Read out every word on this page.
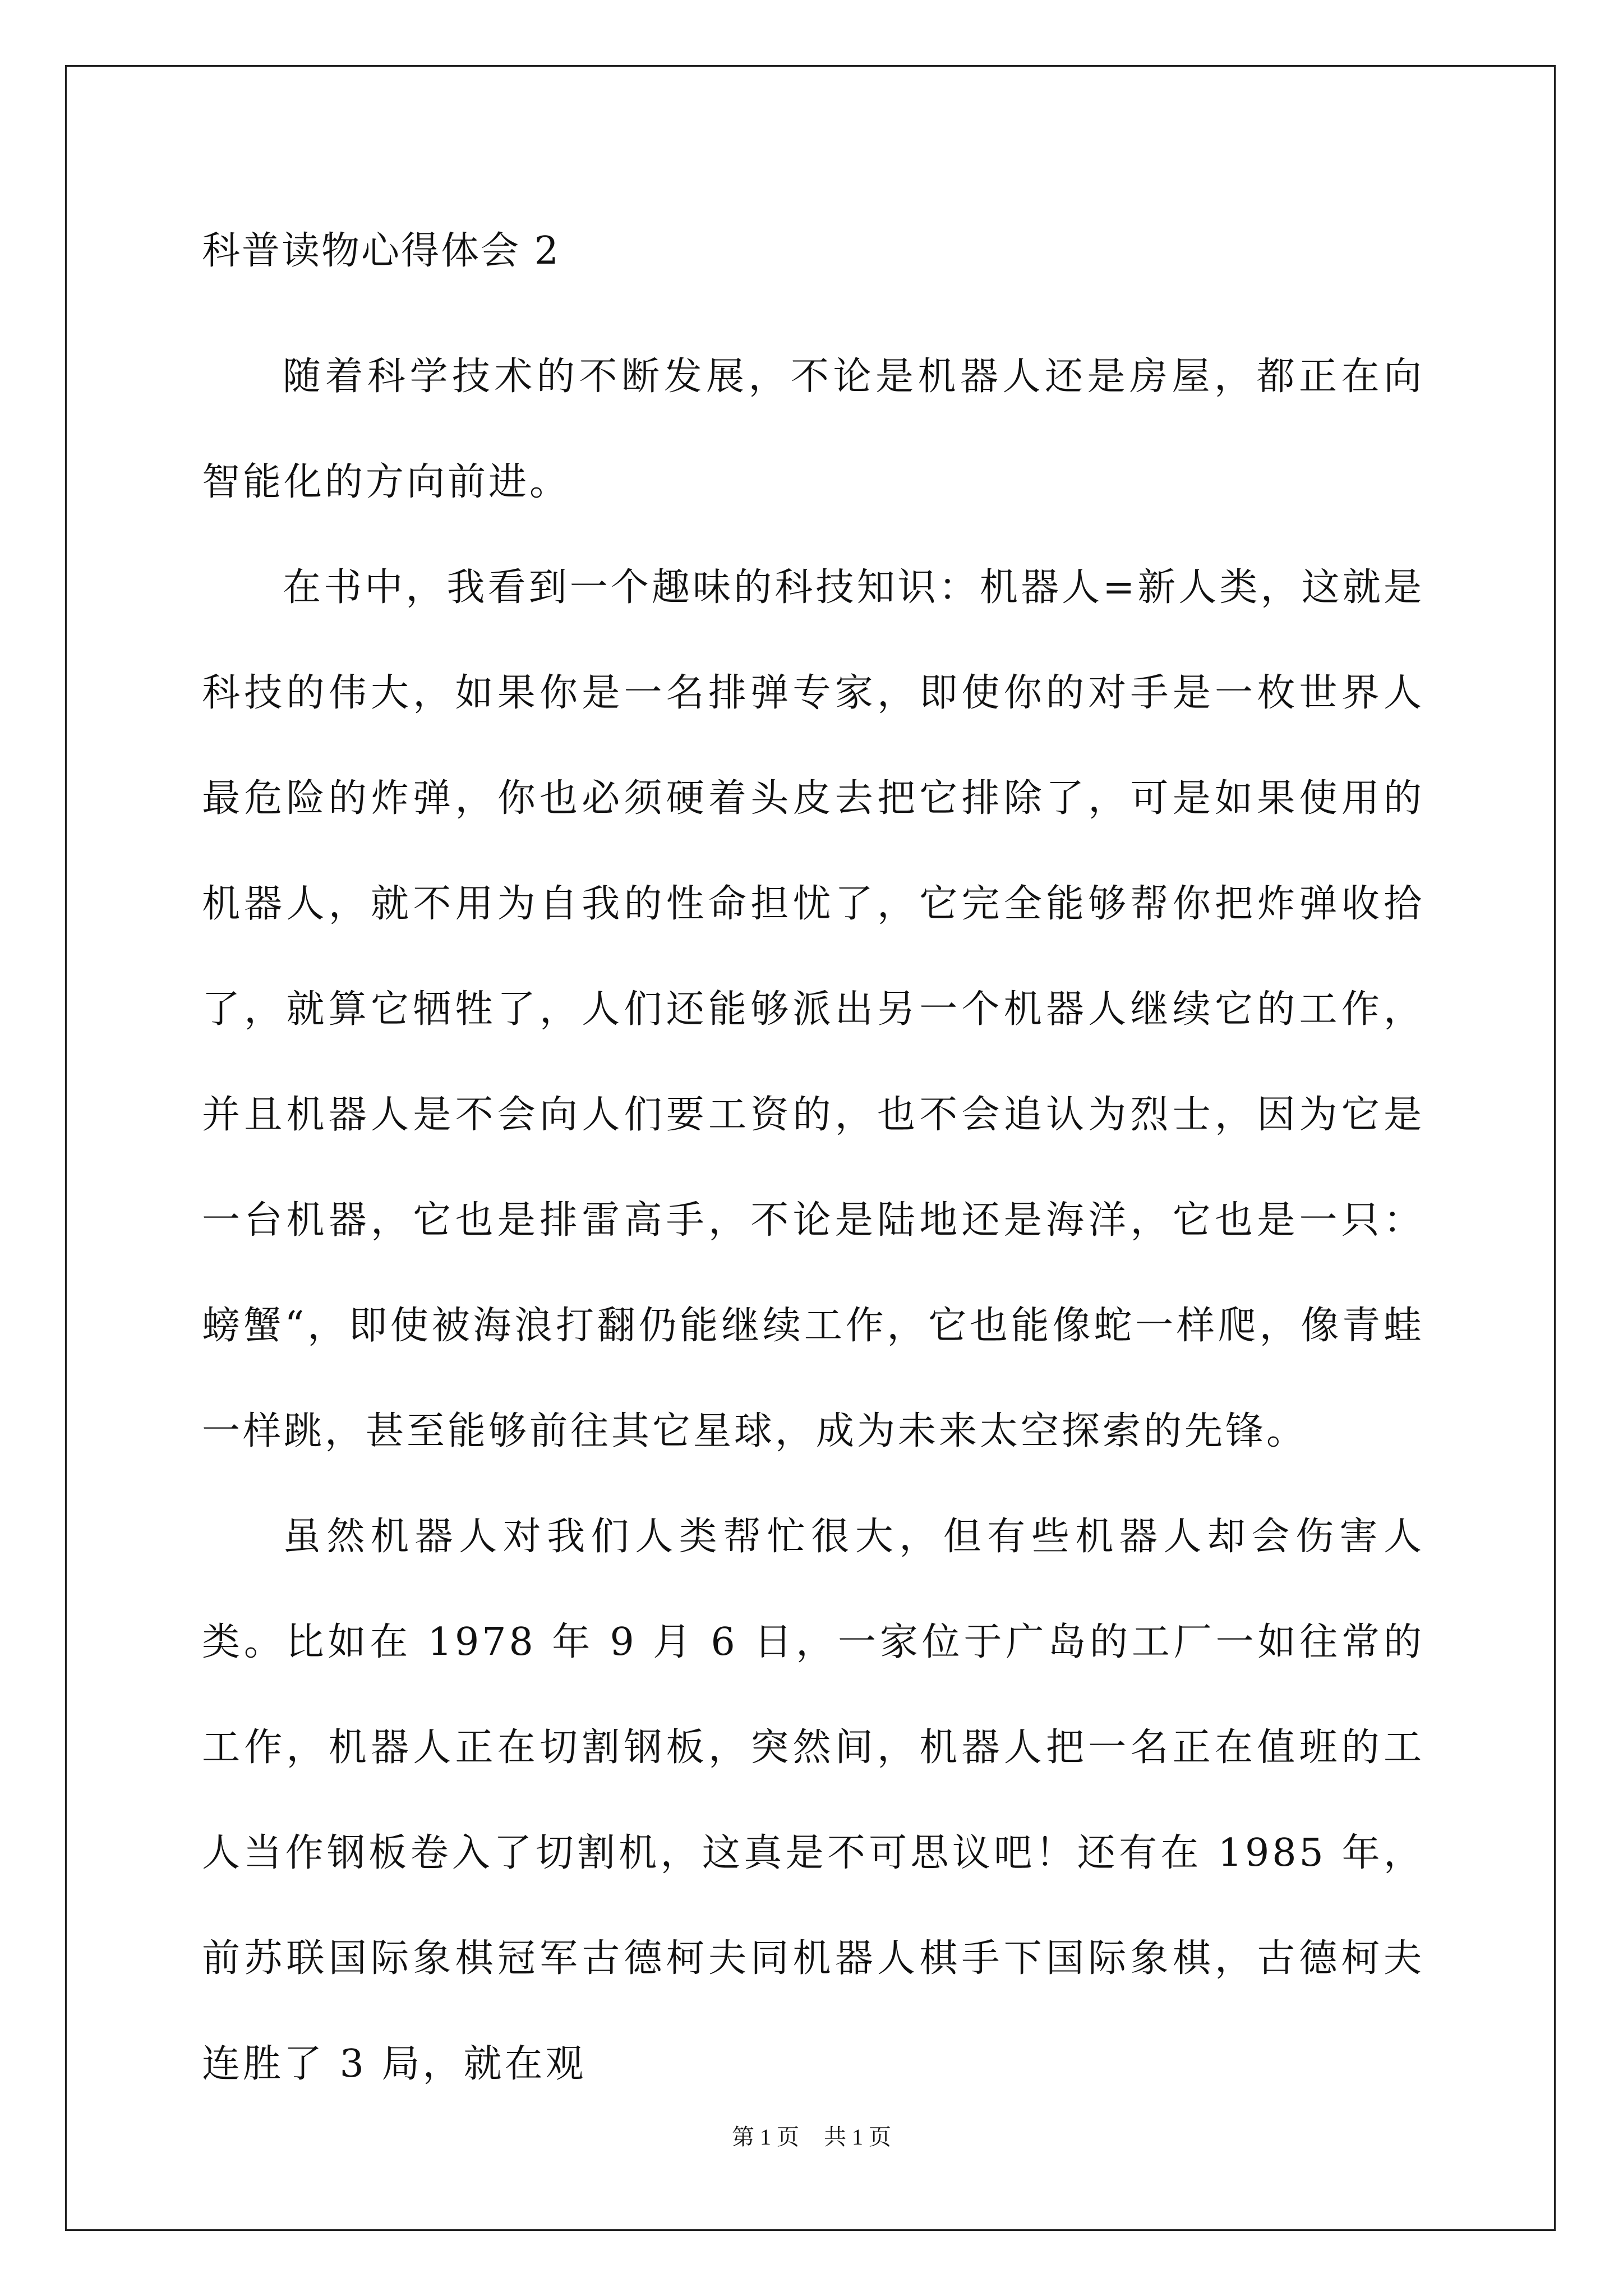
科普读物心得体会 2

随着科学技术的不断发展，不论是机器人还是房屋，都正在向智能化的方向前进。

在书中，我看到一个趣味的科技知识：机器人=新人类，这就是科技的伟大，如果你是一名排弹专家，即使你的对手是一枚世界人最危险的炸弹，你也必须硬着头皮去把它排除了，可是如果使用的机器人，就不用为自我的性命担忧了，它完全能够帮你把炸弹收拾了，就算它牺牲了，人们还能够派出另一个机器人继续它的工作，并且机器人是不会向人们要工资的，也不会追认为烈士，因为它是一台机器，它也是排雷高手，不论是陆地还是海洋，它也是一只：螃蟹“，即使被海浪打翻仍能继续工作，它也能像蛇一样爬，像青蛙一样跳，甚至能够前往其它星球，成为未来太空探索的先锋。

虽然机器人对我们人类帮忙很大，但有些机器人却会伤害人类。比如在 1978 年 9 月 6 日，一家位于广岛的工厂一如往常的工作，机器人正在切割钢板，突然间，机器人把一名正在值班的工人当作钢板卷入了切割机，这真是不可思议吧！还有在 1985 年，前苏联国际象棋冠军古德柯夫同机器人棋手下国际象棋，古德柯夫连胜了 3 局，就在观

第 1 页 共 1 页
